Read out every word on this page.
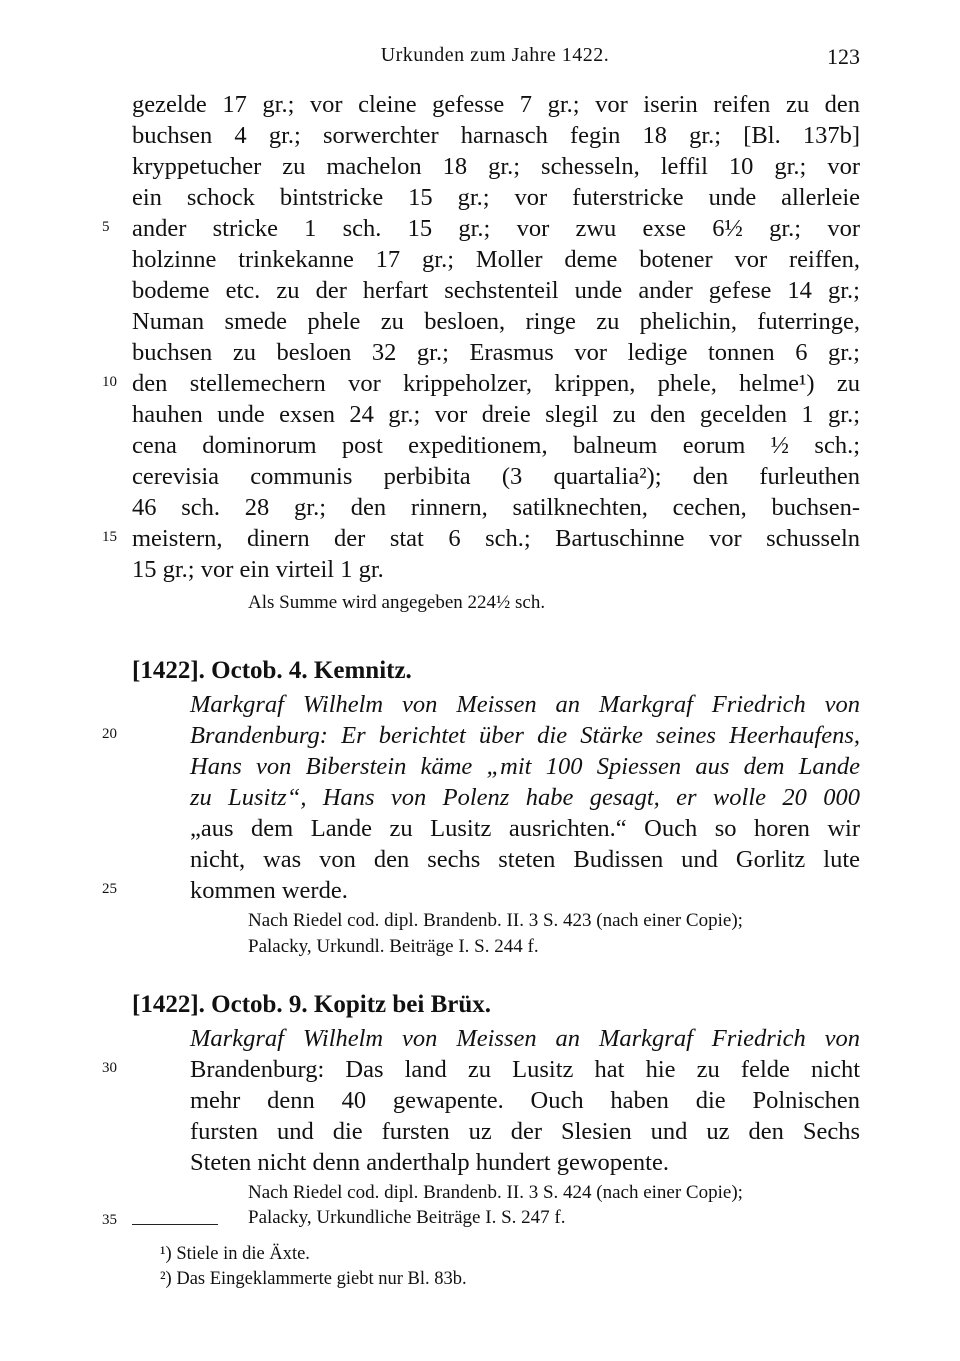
Urkunden zum Jahre 1422.	123
gezelde 17 gr.; vor cleine gefesse 7 gr.; vor iserin reifen zu den
buchsen 4 gr.; sorwerchter harnasch fegin 18 gr.; [Bl. 137b]
kryppetucher zu machelon 18 gr.; schesseln, leffil 10 gr.; vor
ein schock bintstricke 15 gr.; vor futerstricke unde allerleie
ander stricke 1 sch. 15 gr.; vor zwu exse 6½ gr.; vor
holzinne trinkekanne 17 gr.; Moller deme botener vor reiffen,
bodeme etc. zu der herfart sechstenteil unde ander gefese 14 gr.;
Numan smede phele zu besloen, ringe zu phelichin, futerringe,
buchsen zu besloen 32 gr.; Erasmus vor ledige tonnen 6 gr.;
den stellemechern vor krippeholzer, krippen, phele, helme¹) zu
hauhen unde exsen 24 gr.; vor dreie slegil zu den gecelden 1 gr.;
cena dominorum post expeditionem, balneum eorum ½ sch.;
cerevisia communis perbibita (3 quartalia²); den furleuthen
46 sch. 28 gr.; den rinnern, satilknechten, cechen, buchsen-
meistern, dinern der stat 6 sch.; Bartuschinne vor schusseln
15 gr.; vor ein virteil 1 gr.
Als Summe wird angegeben 224½ sch.
[1422]. Octob. 4. Kemnitz.
Markgraf Wilhelm von Meissen an Markgraf Friedrich von
Brandenburg: Er berichtet über die Stärke seines Heerhaufens,
Hans von Biberstein käme „mit 100 Spiessen aus dem Lande
zu Lusitz“, Hans von Polenz habe gesagt, er wolle 20 000
„aus dem Lande zu Lusitz ausrichten.“ Ouch so horen wir
nicht, was von den sechs steten Budissen und Gorlitz lute
kommen werde.
Nach Riedel cod. dipl. Brandenb. II. 3 S. 423 (nach einer Copie);
Palacky, Urkundl. Beiträge I. S. 244 f.
[1422]. Octob. 9. Kopitz bei Brüx.
Markgraf Wilhelm von Meissen an Markgraf Friedrich von
Brandenburg: Das land zu Lusitz hat hie zu felde nicht
mehr denn 40 gewapente. Ouch haben die Polnischen
fursten und die fursten uz der Slesien und uz den Sechs
Steten nicht denn anderthalp hundert gewopente.
Nach Riedel cod. dipl. Brandenb. II. 3 S. 424 (nach einer Copie);
Palacky, Urkundliche Beiträge I. S. 247 f.
5
10
15
20
25
30
35
¹) Stiele in die Äxte.
²) Das Eingeklammerte giebt nur Bl. 83b.
